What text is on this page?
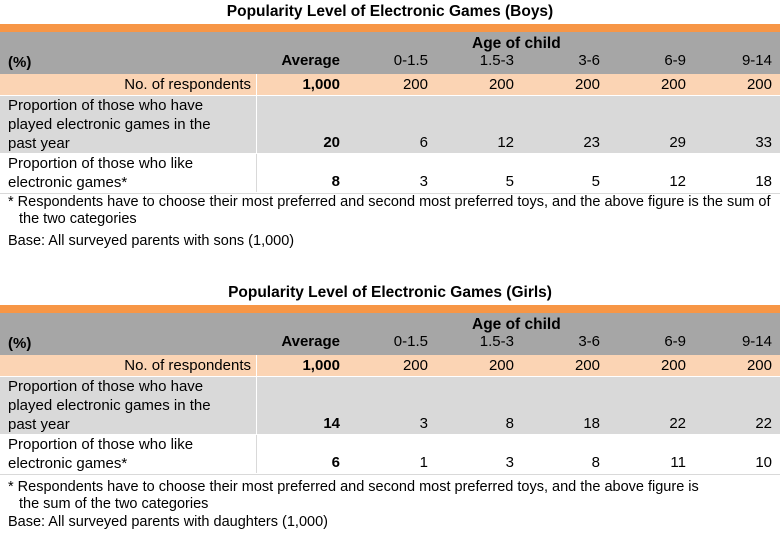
Popularity Level of Electronic Games (Boys)
Age of child
(%)	Average	0-1.5	1.5-3	3-6	6-9	9-14
No. of respondents	1,000	200	200	200	200	200
Proportion of those who have
played electronic games in the
past year	20	6	12	23	29	33
Proportion of those who like
electronic games*	8	3	5	5	12	18
* Respondents have to choose their most preferred and second most preferred toys, and the above figure is the sum of
the two categories
Base: All surveyed parents with sons (1,000)
Popularity Level of Electronic Games (Girls)
Age of child
(%)	Average	0-1.5	1.5-3	3-6	6-9	9-14
No. of respondents	1,000	200	200	200	200	200
Proportion of those who have
played electronic games in the
past year	14	3	8	18	22	22
Proportion of those who like
electronic games*	6	1	3	8	11	10
* Respondents have to choose their most preferred and second most preferred toys, and the above figure is
the sum of the two categories
Base: All surveyed parents with daughters (1,000)
